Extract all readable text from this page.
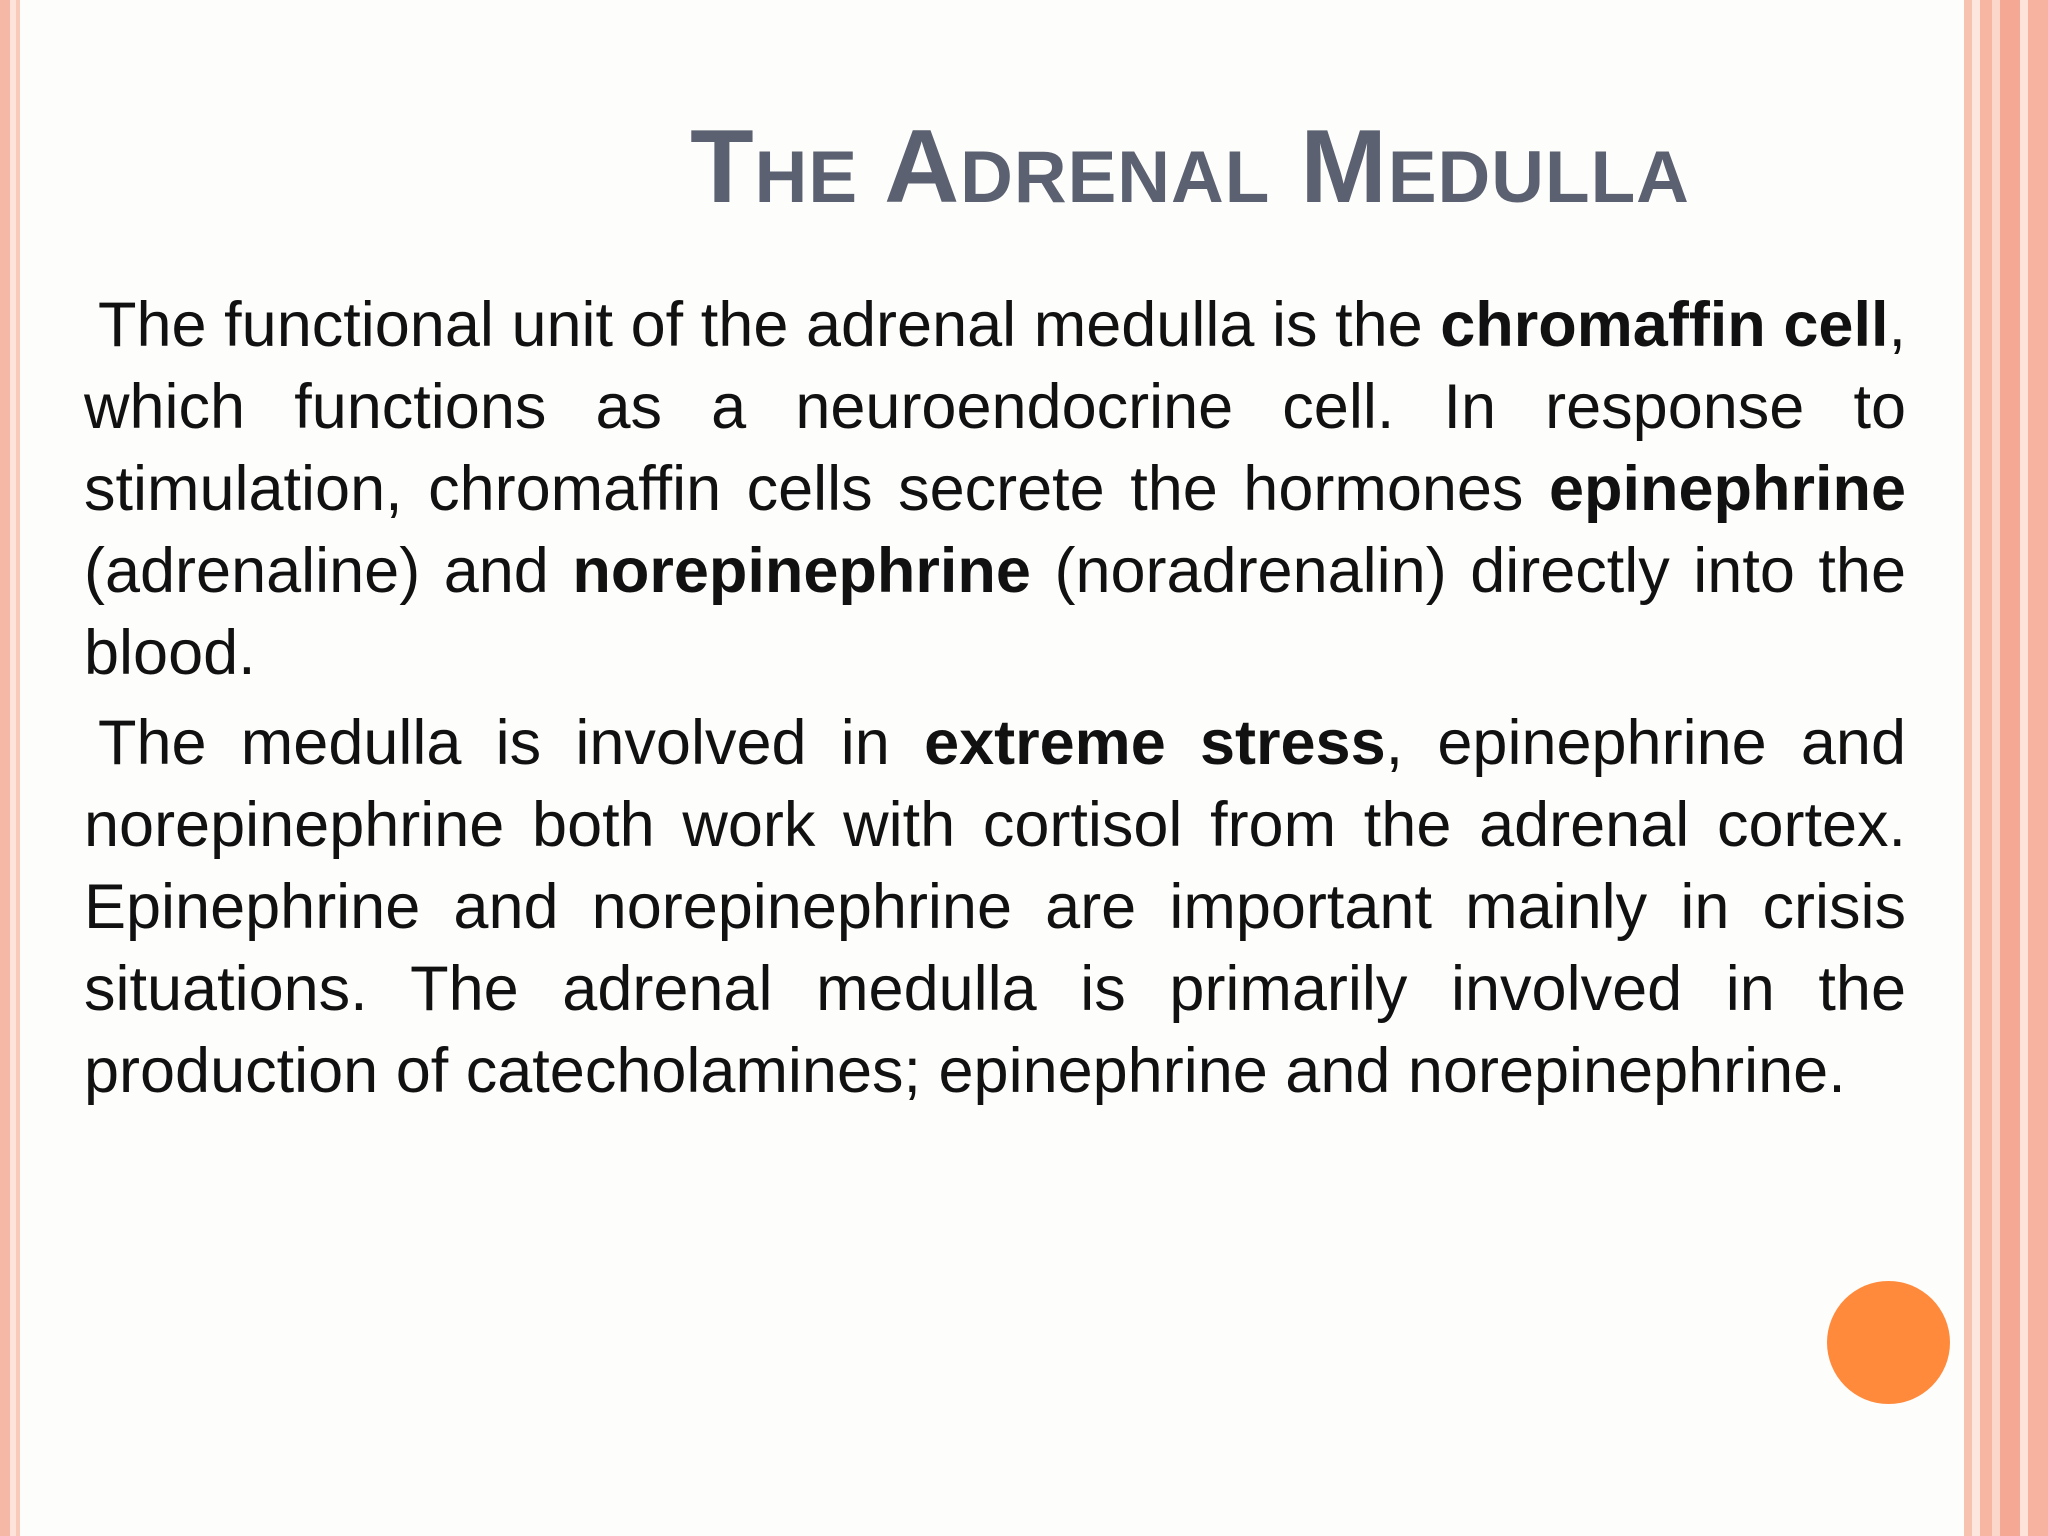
The Adrenal Medulla

The functional unit of the adrenal medulla is the chromaffin cell, which functions as a neuroendocrine cell. In response to stimulation, chromaffin cells secrete the hormones epinephrine (adrenaline) and norepinephrine (noradrenalin) directly into the blood.

The medulla is involved in extreme stress, epinephrine and norepinephrine both work with cortisol from the adrenal cortex. Epinephrine and norepinephrine are important mainly in crisis situations. The adrenal medulla is primarily involved in the production of catecholamines; epinephrine and norepinephrine.
